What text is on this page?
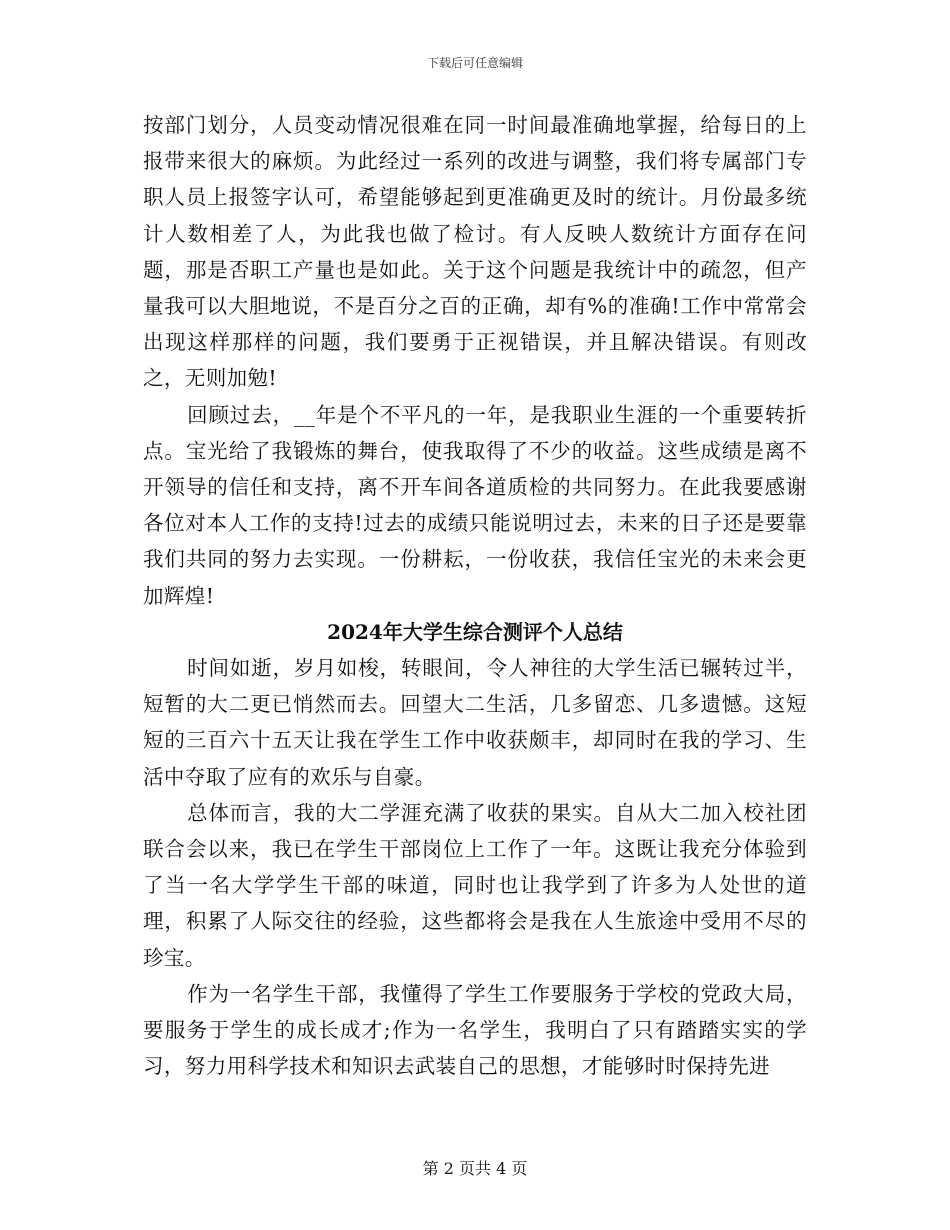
下载后可任意编辑

按部门划分，人员变动情况很难在同一时间最准确地掌握，给每日的上报带来很大的麻烦。为此经过一系列的改进与调整，我们将专属部门专职人员上报签字认可，希望能够起到更准确更及时的统计。月份最多统计人数相差了人，为此我也做了检讨。有人反映人数统计方面存在问题，那是否职工产量也是如此。关于这个问题是我统计中的疏忽，但产量我可以大胆地说，不是百分之百的正确，却有%的准确!工作中常常会出现这样那样的问题，我们要勇于正视错误，并且解决错误。有则改之，无则加勉!

回顾过去，__年是个不平凡的一年，是我职业生涯的一个重要转折点。宝光给了我锻炼的舞台，使我取得了不少的收益。这些成绩是离不开领导的信任和支持，离不开车间各道质检的共同努力。在此我要感谢各位对本人工作的支持!过去的成绩只能说明过去，未来的日子还是要靠我们共同的努力去实现。一份耕耘，一份收获，我信任宝光的未来会更加辉煌!

2024年大学生综合测评个人总结

时间如逝，岁月如梭，转眼间，令人神往的大学生活已辗转过半，短暂的大二更已悄然而去。回望大二生活，几多留恋、几多遗憾。这短短的三百六十五天让我在学生工作中收获颇丰，却同时在我的学习、生活中夺取了应有的欢乐与自豪。

总体而言，我的大二学涯充满了收获的果实。自从大二加入校社团联合会以来，我已在学生干部岗位上工作了一年。这既让我充分体验到了当一名大学学生干部的味道，同时也让我学到了许多为人处世的道理，积累了人际交往的经验，这些都将会是我在人生旅途中受用不尽的珍宝。

作为一名学生干部，我懂得了学生工作要服务于学校的党政大局，要服务于学生的成长成才;作为一名学生，我明白了只有踏踏实实的学习，努力用科学技术和知识去武装自己的思想，才能够时时保持先进

第 2 页共 4 页
